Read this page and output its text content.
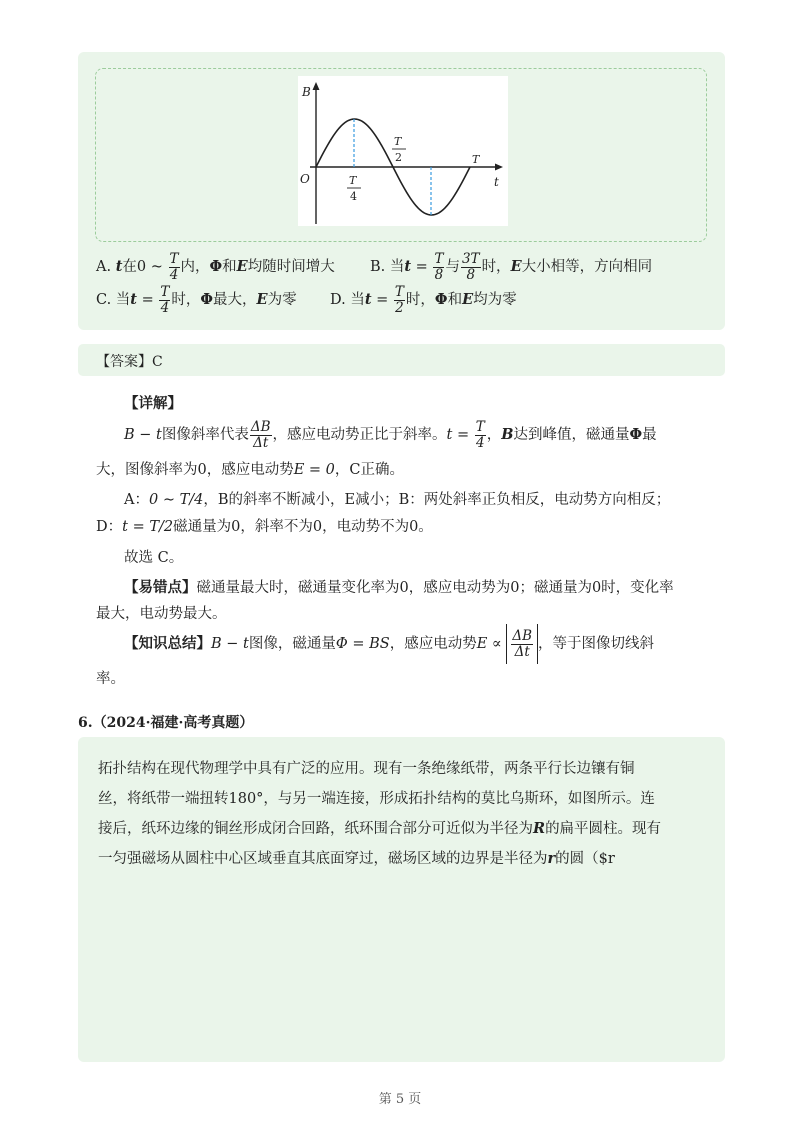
B
t
O	T
4
T
2	T
A. t在0 ~ $\frac{T}{4}$ 内，Φ和E均随时间增大 B. 当$t = \frac{T}{8}$ 与 $\frac{3T}{8}$ 时，E大小相等，方向相同
C. 当$t = \frac{T}{4}$ 时，Φ最大，E为零 D. 当$t = \frac{T}{2}$ 时，Φ和E均为零
【答案】C
【详解】
B − t图像斜率代表 $\frac{\Delta B}{\Delta t}$ ，感应电动势正比于斜率。$t = \frac{T}{4}$ ，B达到峰值，磁通量Φ最
大，图像斜率为0，感应电动势E = 0，C正确。
A：0 ∼ T/4，B的斜率不断减小，E减小；B：两处斜率正负相反，电动势方向相反；
D：t = T/2磁通量为0，斜率不为0，电动势不为0。
故选 C。
【易错点】磁通量最大时，磁通量变化率为0，感应电动势为0；磁通量为0时，变化率
最大，电动势最大。
【知识总结】B − t图像，磁通量Φ = BS，感应电动势$E \propto \frac{\Delta B}{\Delta t}$ ，等于图像切线斜
率。
6.（2024·福建·高考真题）
拓扑结构在现代物理学中具有广泛的应用。现有一条绝缘纸带，两条平行长边镶有铜
丝，将纸带一端扭转180°，与另一端连接，形成拓扑结构的莫比乌斯环，如图所示。连
接后，纸环边缘的铜丝形成闭合回路，纸环围合部分可近似为半径为R的扁平圆柱。现有
一匀强磁场从圆柱中心区域垂直其底面穿过，磁场区域的边界是半径为r的圆（$r
第 5 页
